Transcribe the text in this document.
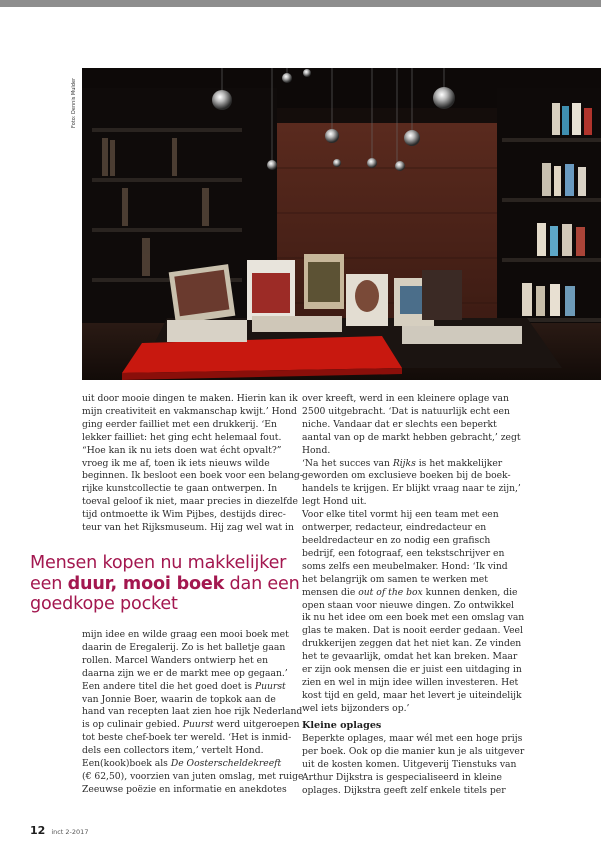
Foto: Dennis Mulder

uit door mooie dingen te maken. Hierin kan ik

mijn creativiteit en vakmanschap kwijt.’ Hond

ging eerder failliet met een drukkerij. ‘En

lekker failliet: het ging echt helemaal fout.

“Hoe kan ik nu iets doen wat écht opvalt?”

vroeg ik me af, toen ik iets nieuws wilde

beginnen. Ik besloot een boek voor een belang-

rijke kunstcollectie te gaan ontwerpen. In

toeval geloof ik niet, maar precies in diezelfde

tijd ontmoette ik Wim Pijbes, destijds direc-

teur van het Rijksmuseum. Hij zag wel wat in

Mensen kopen nu makkelijker

een duur, mooi boek dan een

goedkope pocket

mijn idee en wilde graag een mooi boek met

daarin de Eregalerij. Zo is het balletje gaan

rollen. Marcel Wanders ontwierp het en

daarna zijn we er de markt mee op gegaan.’

Een andere titel die het goed doet is Puurst

van Jonnie Boer, waarin de topkok aan de

hand van recepten laat zien hoe rijk Nederland

is op culinair gebied. Puurst werd uitgeroepen

tot beste chef-boek ter wereld. ‘Het is inmid-

dels een collectors item,’ vertelt Hond.

Een(kook)boek als De Oosterscheldekreeft

(€ 62,50), voorzien van juten omslag, met ruige

Zeeuwse poëzie en informatie en anekdotes

over kreeft, werd in een kleinere oplage van

2500 uitgebracht. ‘Dat is natuurlijk echt een

niche. Vandaar dat er slechts een beperkt

aantal van op de markt hebben gebracht,’ zegt

Hond.

‘Na het succes van Rijks is het makkelijker

geworden om exclusieve boeken bij de boek-

handels te krijgen. Er blijkt vraag naar te zijn,’

legt Hond uit.

Voor elke titel vormt hij een team met een

ontwerper, redacteur, eindredacteur en

beeldredacteur en zo nodig een grafisch

bedrijf, een fotograaf, een tekstschrijver en

soms zelfs een meubelmaker. Hond: ‘Ik vind

het belangrijk om samen te werken met

mensen die out of the box kunnen denken, die

open staan voor nieuwe dingen. Zo ontwikkel

ik nu het idee om een boek met een omslag van

glas te maken. Dat is nooit eerder gedaan. Veel

drukkerijen zeggen dat het niet kan. Ze vinden

het te gevaarlijk, omdat het kan breken. Maar

er zijn ook mensen die er juist een uitdaging in

zien en wel in mijn idee willen investeren. Het

kost tijd en geld, maar het levert je uiteindelijk

wel iets bijzonders op.’

Kleine oplages

Beperkte oplages, maar wél met een hoge prijs

per boek. Ook op die manier kun je als uitgever

uit de kosten komen. Uitgeverij Tienstuks van

Arthur Dijkstra is gespecialiseerd in kleine

oplages. Dijkstra geeft zelf enkele titels per

12 inct 2-2017
